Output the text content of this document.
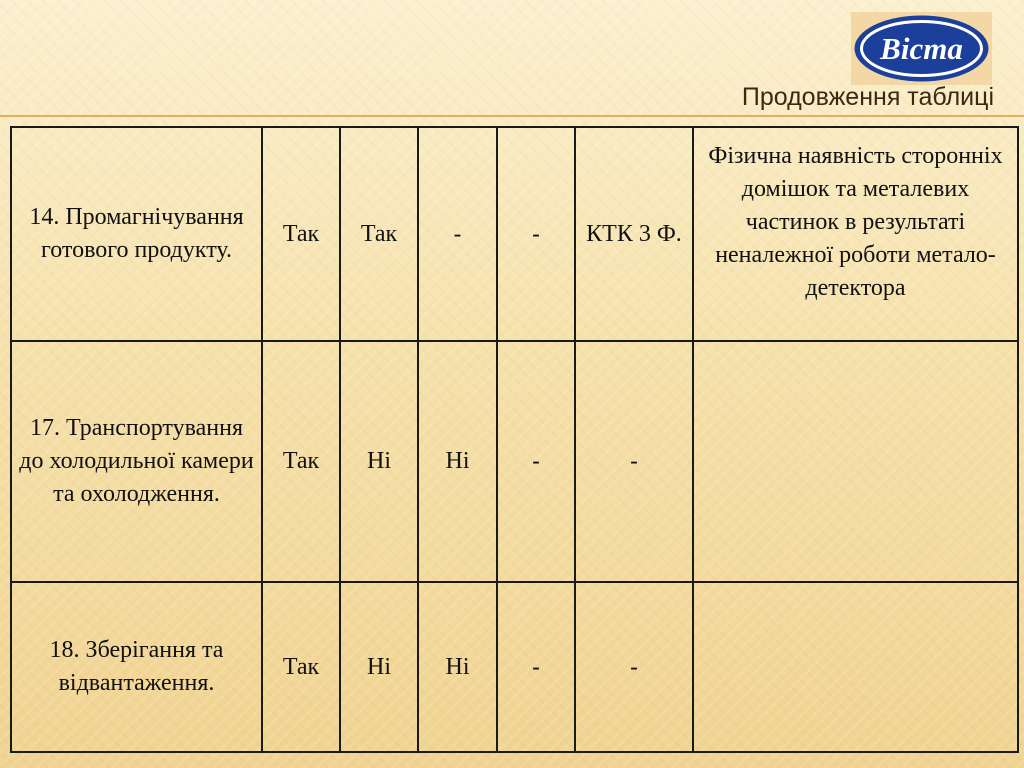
Віста
Продовження таблиці
14. Промагнічування готового продукту.	Так	Так	-	-	КТК 3 Ф.	Фізична наявність сторонніх домішок та металевих частинок в результаті неналежної роботи метало-детектора
17. Транспортування до холодильної камери та охолодження.	Так	Ні	Ні	-	-	
18. Зберігання та відвантаження.	Так	Ні	Ні	-	-	
